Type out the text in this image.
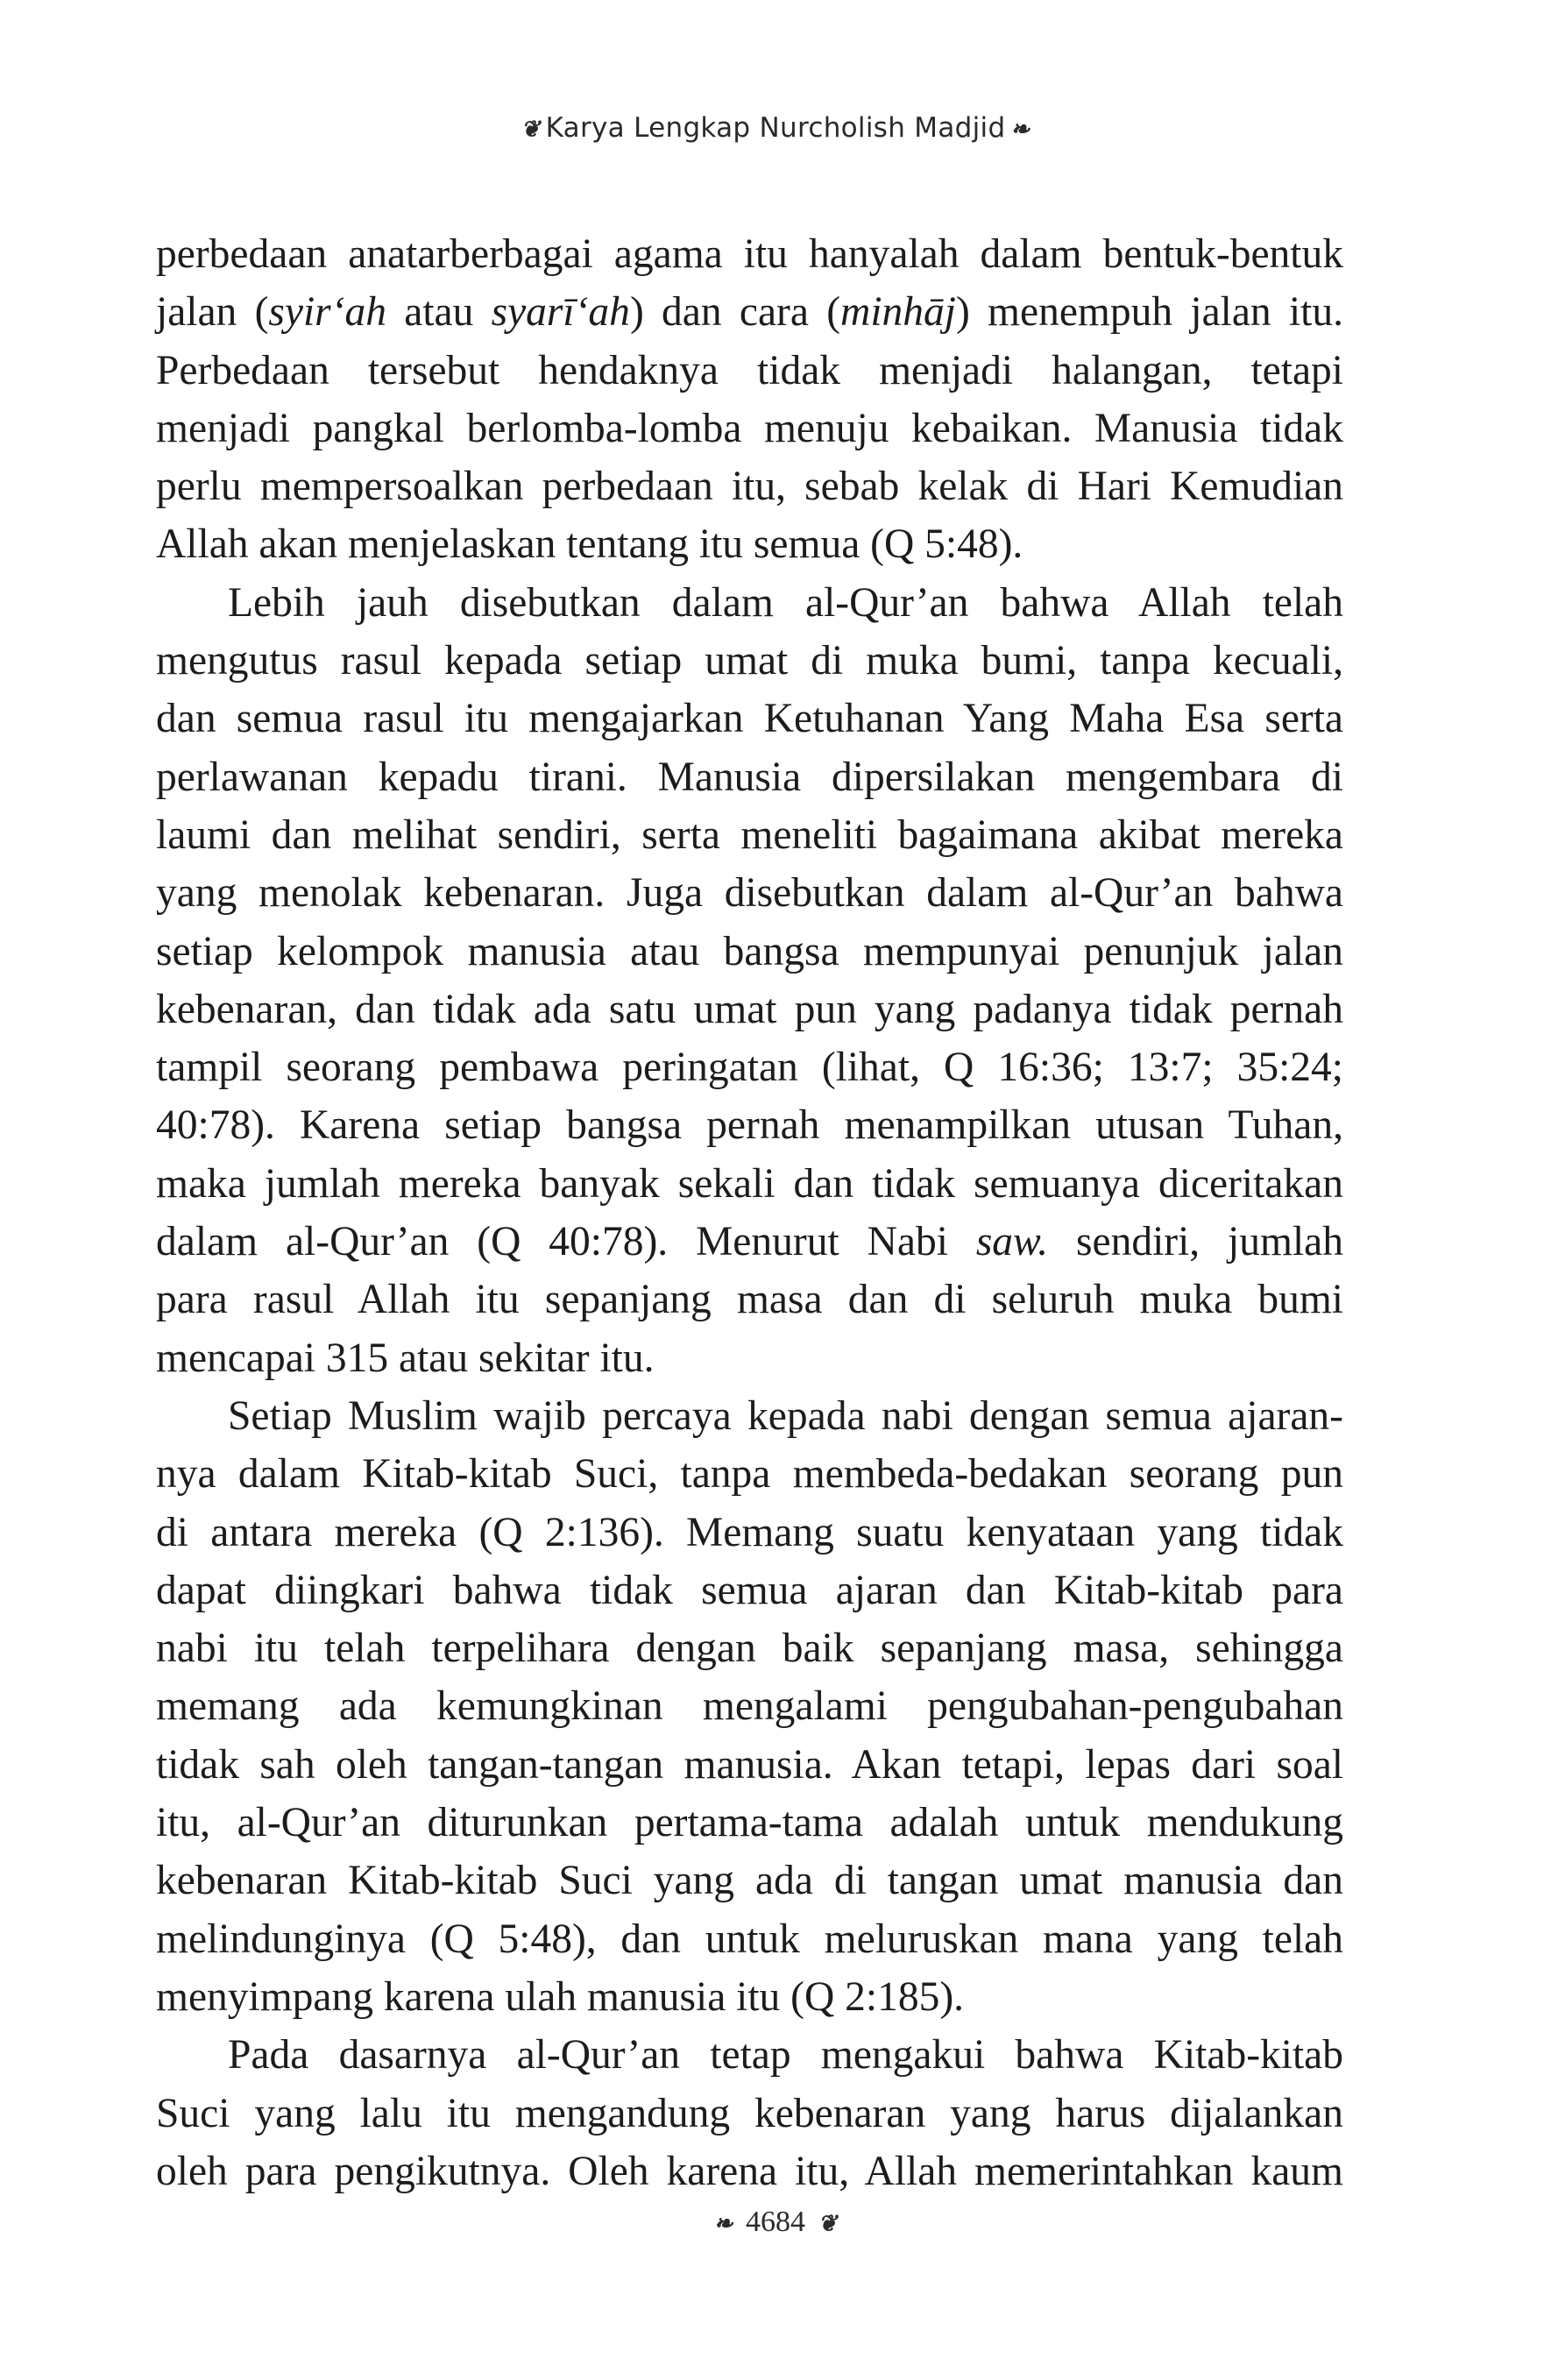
❦ Karya Lengkap Nurcholish Madjid ❧
perbedaan anatarberbagai agama itu hanyalah dalam bentuk-bentuk
jalan (syir‘ah atau syarī‘ah) dan cara (minhāj) menempuh jalan itu.
Perbedaan tersebut hendaknya tidak menjadi halangan, tetapi
menjadi pangkal berlomba-lomba menuju kebaikan. Manusia tidak
perlu mempersoalkan perbedaan itu, sebab kelak di Hari Kemudian
Allah akan menjelaskan tentang itu semua (Q 5:48).
Lebih jauh disebutkan dalam al-Qur’an bahwa Allah telah
mengutus rasul kepada setiap umat di muka bumi, tanpa kecuali,
dan semua rasul itu mengajarkan Ketuhanan Yang Maha Esa serta
perlawanan kepadu tirani. Manusia dipersilakan mengembara di
laumi dan melihat sendiri, serta meneliti bagaimana akibat mereka
yang menolak kebenaran. Juga disebutkan dalam al-Qur’an bahwa
setiap kelompok manusia atau bangsa mempunyai penunjuk jalan
kebenaran, dan tidak ada satu umat pun yang padanya tidak pernah
tampil seorang pembawa peringatan (lihat, Q 16:36; 13:7; 35:24;
40:78). Karena setiap bangsa pernah menampilkan utusan Tuhan,
maka jumlah mereka banyak sekali dan tidak semuanya diceritakan
dalam al-Qur’an (Q 40:78). Menurut Nabi saw. sendiri, jumlah
para rasul Allah itu sepanjang masa dan di seluruh muka bumi
mencapai 315 atau sekitar itu.
Setiap Muslim wajib percaya kepada nabi dengan semua ajaran-
nya dalam Kitab-kitab Suci, tanpa membeda-bedakan seorang pun
di antara mereka (Q 2:136). Memang suatu kenyataan yang tidak
dapat diingkari bahwa tidak semua ajaran dan Kitab-kitab para
nabi itu telah terpelihara dengan baik sepanjang masa, sehingga
memang ada kemungkinan mengalami pengubahan-pengubahan
tidak sah oleh tangan-tangan manusia. Akan tetapi, lepas dari soal
itu, al-Qur’an diturunkan pertama-tama adalah untuk mendukung
kebenaran Kitab-kitab Suci yang ada di tangan umat manusia dan
melindunginya (Q 5:48), dan untuk meluruskan mana yang telah
menyimpang karena ulah manusia itu (Q 2:185).
Pada dasarnya al-Qur’an tetap mengakui bahwa Kitab-kitab
Suci yang lalu itu mengandung kebenaran yang harus dijalankan
oleh para pengikutnya. Oleh karena itu, Allah memerintahkan kaum
❧ 4684 ❦
